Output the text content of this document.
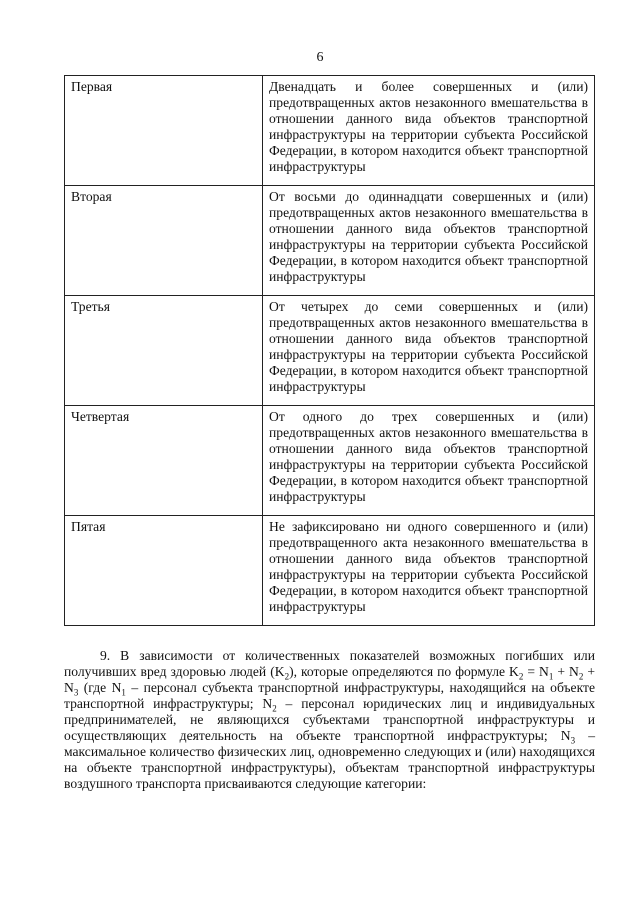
6
Первая	Двенадцать и более совершенных и (или) предотвращенных актов незаконного вмешательства в отношении данного вида объектов транспортной инфраструктуры на территории субъекта Российской Федерации, в котором находится объект транспортной инфраструктуры
Вторая	От восьми до одиннадцати совершенных и (или) предотвращенных актов незаконного вмешательства в отношении данного вида объектов транспортной инфраструктуры на территории субъекта Российской Федерации, в котором находится объект транспортной инфраструктуры
Третья	От четырех до семи совершенных и (или) предотвращенных актов незаконного вмешательства в отношении данного вида объектов транспортной инфраструктуры на территории субъекта Российской Федерации, в котором находится объект транспортной инфраструктуры
Четвертая	От одного до трех совершенных и (или) предотвращенных актов незаконного вмешательства в отношении данного вида объектов транспортной инфраструктуры на территории субъекта Российской Федерации, в котором находится объект транспортной инфраструктуры
Пятая	Не зафиксировано ни одного совершенного и (или) предотвращенного акта незаконного вмешательства в отношении данного вида объектов транспортной инфраструктуры на территории субъекта Российской Федерации, в котором находится объект транспортной инфраструктуры

9. В зависимости от количественных показателей возможных погибших или получивших вред здоровью людей $(K_2)$, которые определяются по формуле $K_2 = N_1 + N_2 + N_3$ (где $N_1$ – персонал субъекта транспортной инфраструктуры, находящийся на объекте транспортной инфраструктуры; $N_2$ – персонал юридических лиц и индивидуальных предпринимателей, не являющихся субъектами транспортной инфраструктуры и осуществляющих деятельность на объекте транспортной инфраструктуры; $N_3$ – максимальное количество физических лиц, одновременно следующих и (или) находящихся на объекте транспортной инфраструктуры), объектам транспортной инфраструктуры воздушного транспорта присваиваются следующие категории:
